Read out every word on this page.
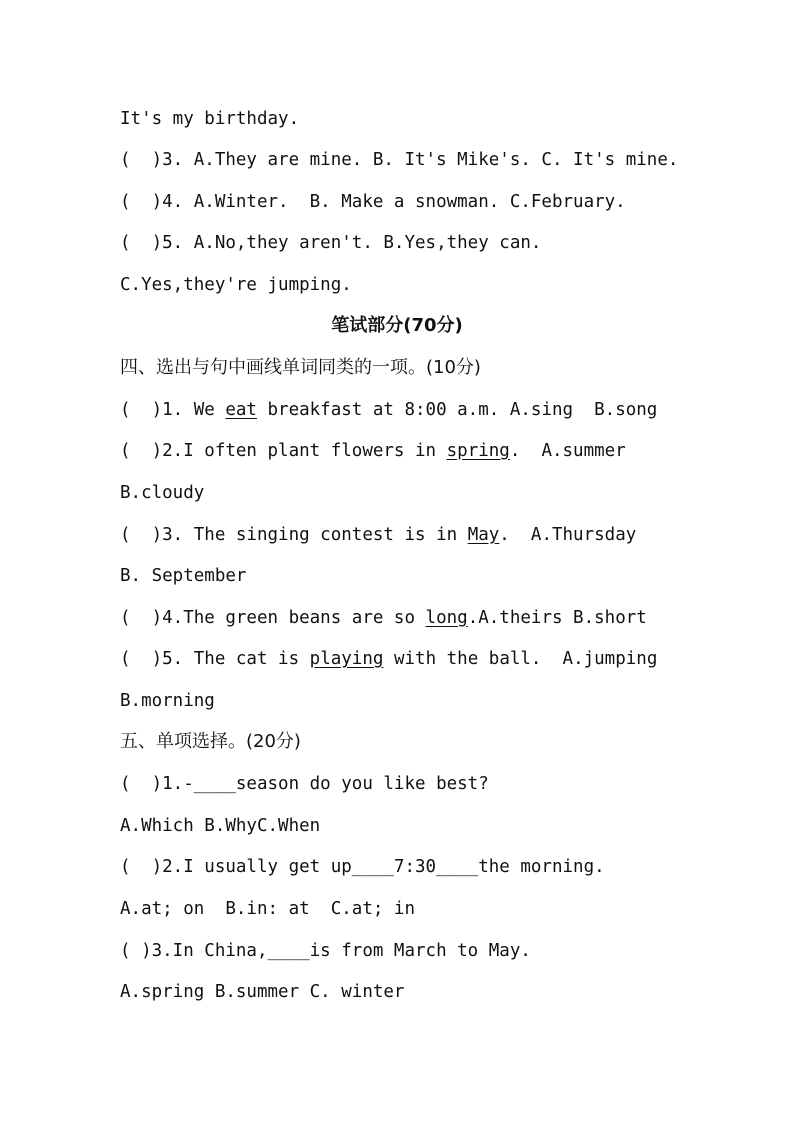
It's my birthday.
(  )3. A.They are mine. B. It's Mike's. C. It's mine.
(  )4. A.Winter.  B. Make a snowman. C.February.
(  )5. A.No,they aren't. B.Yes,they can.
C.Yes,they're jumping.
笔试部分(70分)
四、选出与句中画线单词同类的一项。(10分)
(  )1. We eat breakfast at 8:00 a.m. A.sing  B.song
(  )2.I often plant flowers in spring.  A.summer
B.cloudy
(  )3. The singing contest is in May.  A.Thursday
B. September
(  )4.The green beans are so long.A.theirs B.short
(  )5. The cat is playing with the ball.  A.jumping
B.morning
五、单项选择。(20分)
(  )1.-____season do you like best?
A.Which B.WhyC.When
(  )2.I usually get up____7:30____the morning.
A.at; on  B.in: at  C.at; in
( )3.In China,____is from March to May.
A.spring B.summer C. winter
